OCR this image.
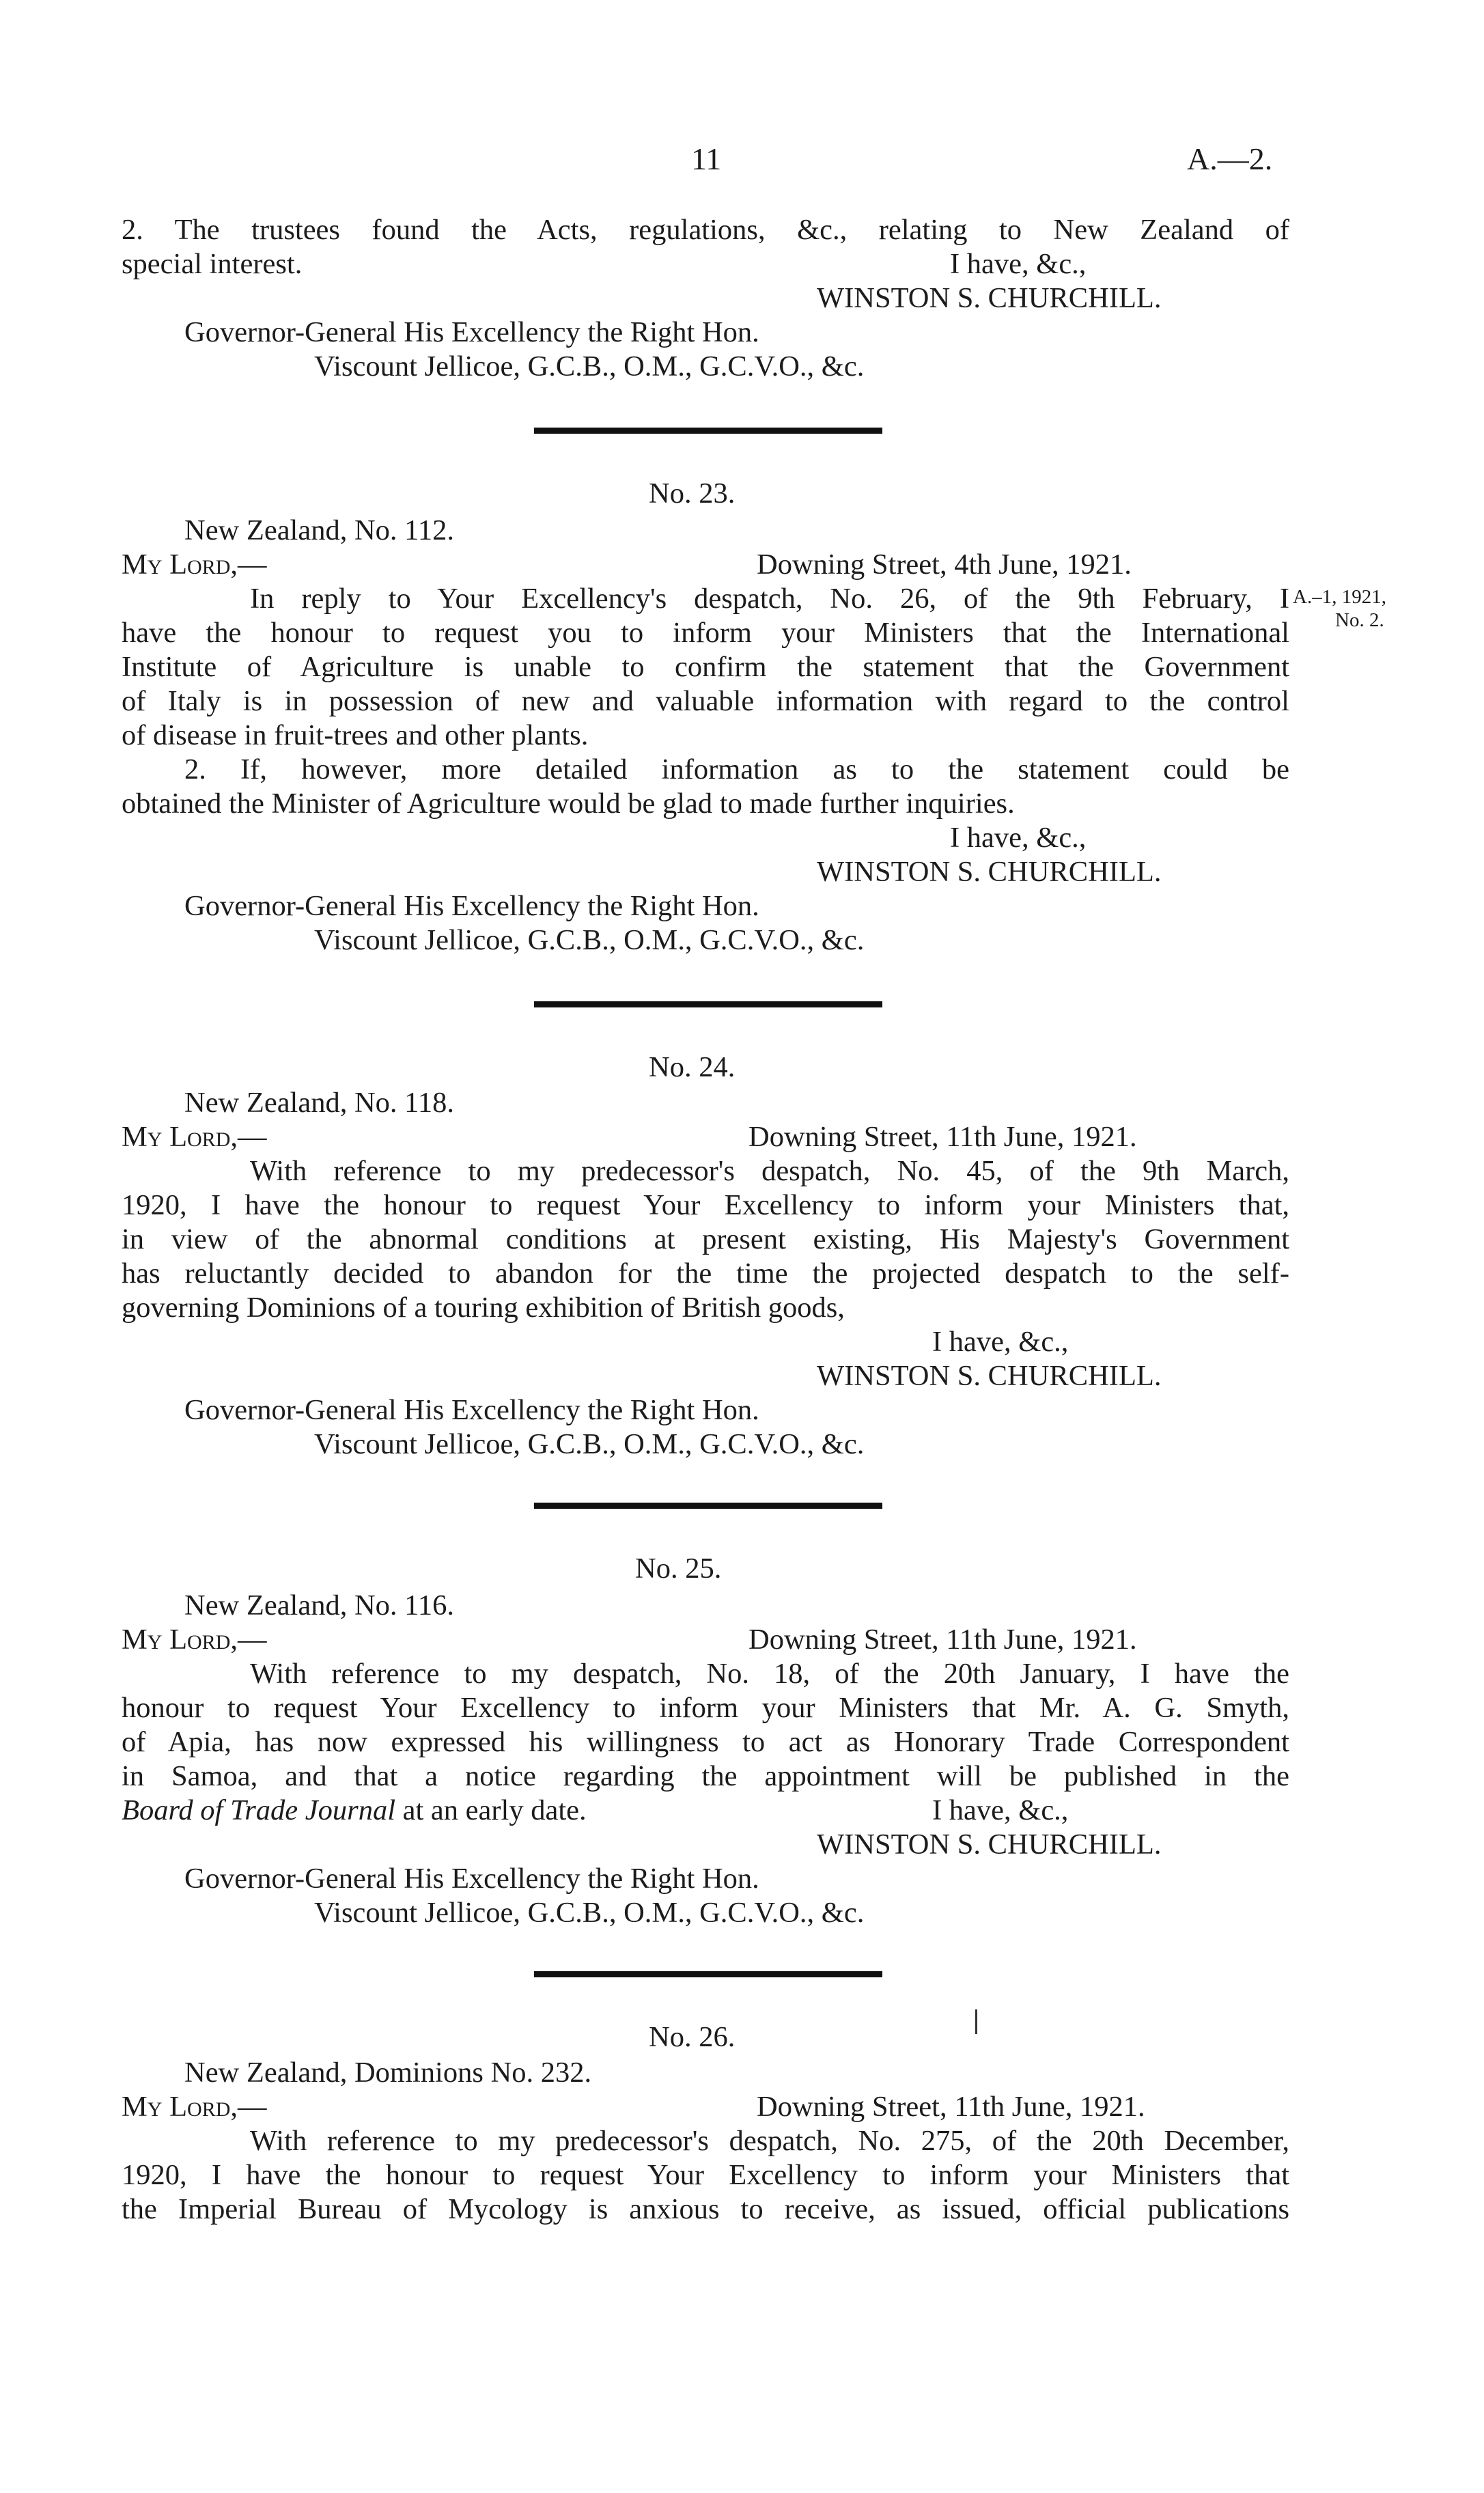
11	A.—2.
2. The trustees found the Acts, regulations, &c., relating to New Zealand of
special interest.	I have, &c.,
WINSTON S. CHURCHILL.
Governor-General His Excellency the Right Hon.
Viscount Jellicoe, G.C.B., O.M., G.C.V.O., &c.
No. 23.
New Zealand, No. 112.
My Lord,—	Downing Street, 4th June, 1921.
In reply to Your Excellency's despatch, No. 26, of the 9th February, I
have the honour to request you to inform your Ministers that the International
Institute of Agriculture is unable to confirm the statement that the Government
of Italy is in possession of new and valuable information with regard to the control
of disease in fruit-trees and other plants.
2. If, however, more detailed information as to the statement could be
obtained the Minister of Agriculture would be glad to made further inquiries.
A.–1, 1921,
No. 2.
I have, &c.,
WINSTON S. CHURCHILL.
Governor-General His Excellency the Right Hon.
Viscount Jellicoe, G.C.B., O.M., G.C.V.O., &c.
No. 24.
New Zealand, No. 118.
My Lord,—	Downing Street, 11th June, 1921.
With reference to my predecessor's despatch, No. 45, of the 9th March,
1920, I have the honour to request Your Excellency to inform your Ministers that,
in view of the abnormal conditions at present existing, His Majesty's Government
has reluctantly decided to abandon for the time the projected despatch to the self-
governing Dominions of a touring exhibition of British goods,
I have, &c.,
WINSTON S. CHURCHILL.
Governor-General His Excellency the Right Hon.
Viscount Jellicoe, G.C.B., O.M., G.C.V.O., &c.
No. 25.
New Zealand, No. 116.
My Lord,—	Downing Street, 11th June, 1921.
With reference to my despatch, No. 18, of the 20th January, I have the
honour to request Your Excellency to inform your Ministers that Mr. A. G. Smyth,
of Apia, has now expressed his willingness to act as Honorary Trade Correspondent
in Samoa, and that a notice regarding the appointment will be published in the
Board of Trade Journal at an early date.	I have, &c.,
WINSTON S. CHURCHILL.
Governor-General His Excellency the Right Hon.
Viscount Jellicoe, G.C.B., O.M., G.C.V.O., &c.
No. 26.
New Zealand, Dominions No. 232.
My Lord,—	Downing Street, 11th June, 1921.
With reference to my predecessor's despatch, No. 275, of the 20th December,
1920, I have the honour to request Your Excellency to inform your Ministers that
the Imperial Bureau of Mycology is anxious to receive, as issued, official publications
